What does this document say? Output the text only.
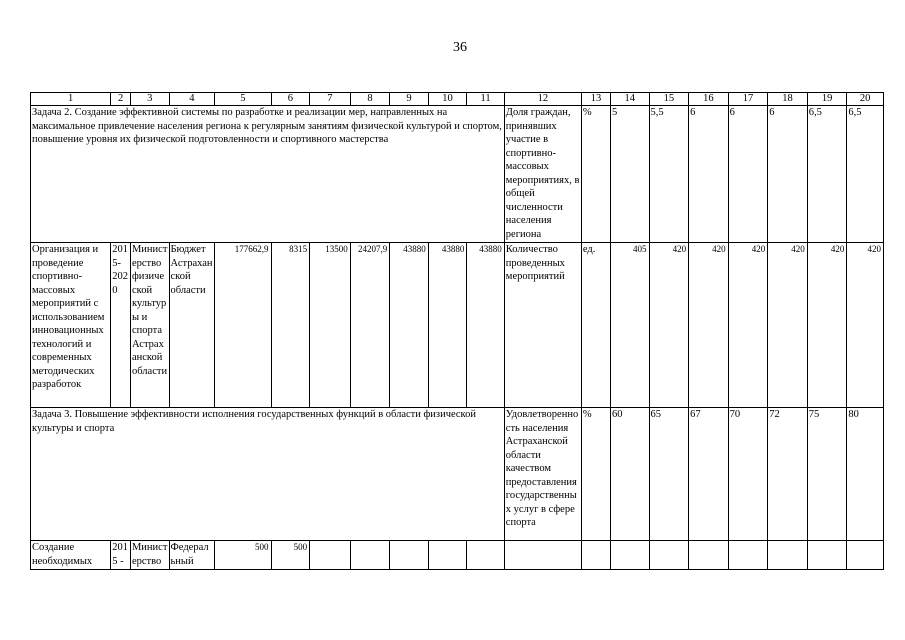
36
1	2	3	4	5	6	7	8	9	10	11	12	13	14	15	16	17	18	19	20
Задача 2. Создание эффективной системы по разработке и реализации мер, направленных на максимальное привлечение населения региона к регулярным занятиям физической культурой и спортом, повышение уровня их физической подготовленности и спортивного мастерства											Доля граждан, принявших участие в спортивно-массовых мероприятиях, в общей численности населения региона	%	5	5,5	6	6	6	6,5	6,5
Организация и проведение спортивно-массовых мероприятий с использованием инновационных технологий и современных методических разработок	2015-2020	Министерство физической культуры и спорта Астраханской области	Бюджет Астраханской области	177662,9	8315	13500	24207,9	43880	43880	43880	Количество проведенных мероприятий	ед.	405	420	420	420	420	420	420
Задача 3. Повышение эффективности исполнения государственных функций в области физической культуры и спорта											Удовлетворенность населения Астраханской области качеством предоставления государственных услуг в сфере спорта	%	60	65	67	70	72	75	80
Создание необходимых	2015 -	Министерство	Федеральный	500	500														
